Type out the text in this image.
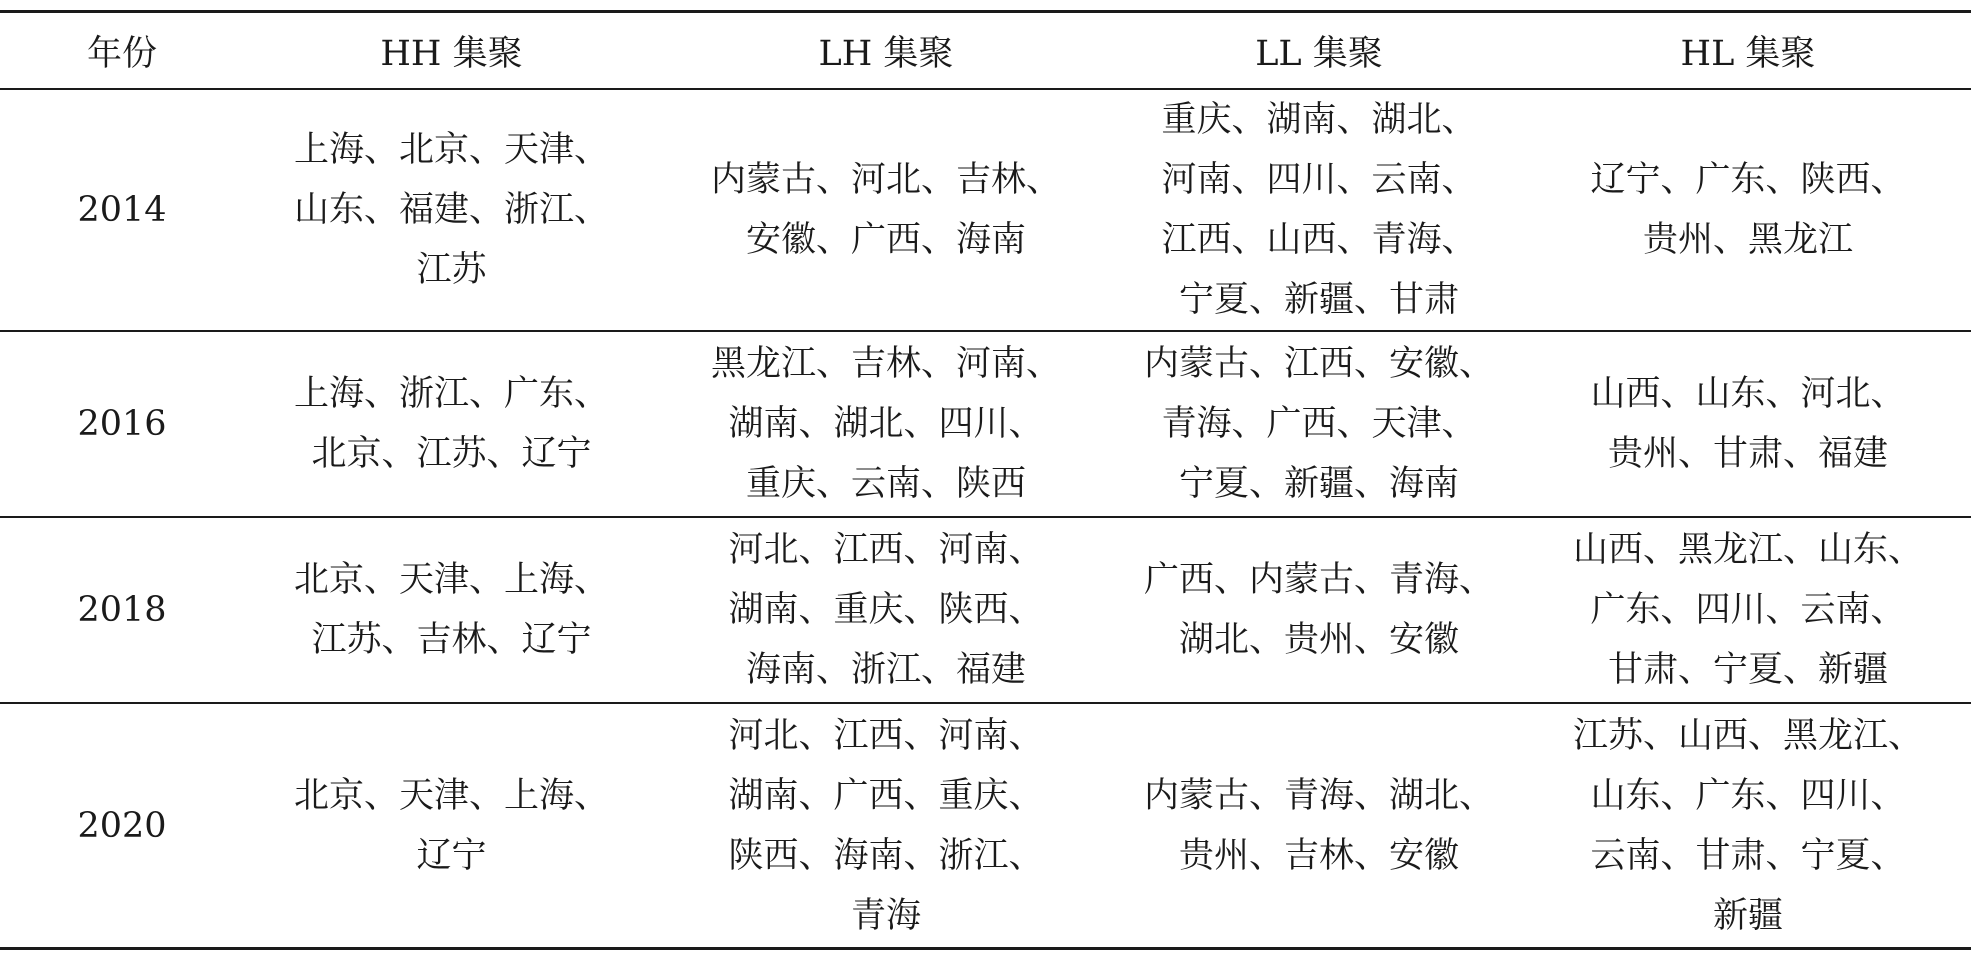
年份	HH 集聚	LH 集聚	LL 集聚	HL 集聚
2014	上海、北京、天津、
山东、福建、浙江、
江苏	内蒙古、河北、吉林、
安徽、广西、海南	重庆、湖南、湖北、
河南、四川、云南、
江西、山西、青海、
宁夏、新疆、甘肃	辽宁、广东、陕西、
贵州、黑龙江
2016	上海、浙江、广东、
北京、江苏、辽宁	黑龙江、吉林、河南、
湖南、湖北、四川、
重庆、云南、陕西	内蒙古、江西、安徽、
青海、广西、天津、
宁夏、新疆、海南	山西、山东、河北、
贵州、甘肃、福建
2018	北京、天津、上海、
江苏、吉林、辽宁	河北、江西、河南、
湖南、重庆、陕西、
海南、浙江、福建	广西、内蒙古、青海、
湖北、贵州、安徽	山西、黑龙江、山东、
广东、四川、云南、
甘肃、宁夏、新疆
2020	北京、天津、上海、
辽宁	河北、江西、河南、
湖南、广西、重庆、
陕西、海南、浙江、
青海	内蒙古、青海、湖北、
贵州、吉林、安徽	江苏、山西、黑龙江、
山东、广东、四川、
云南、甘肃、宁夏、
新疆
